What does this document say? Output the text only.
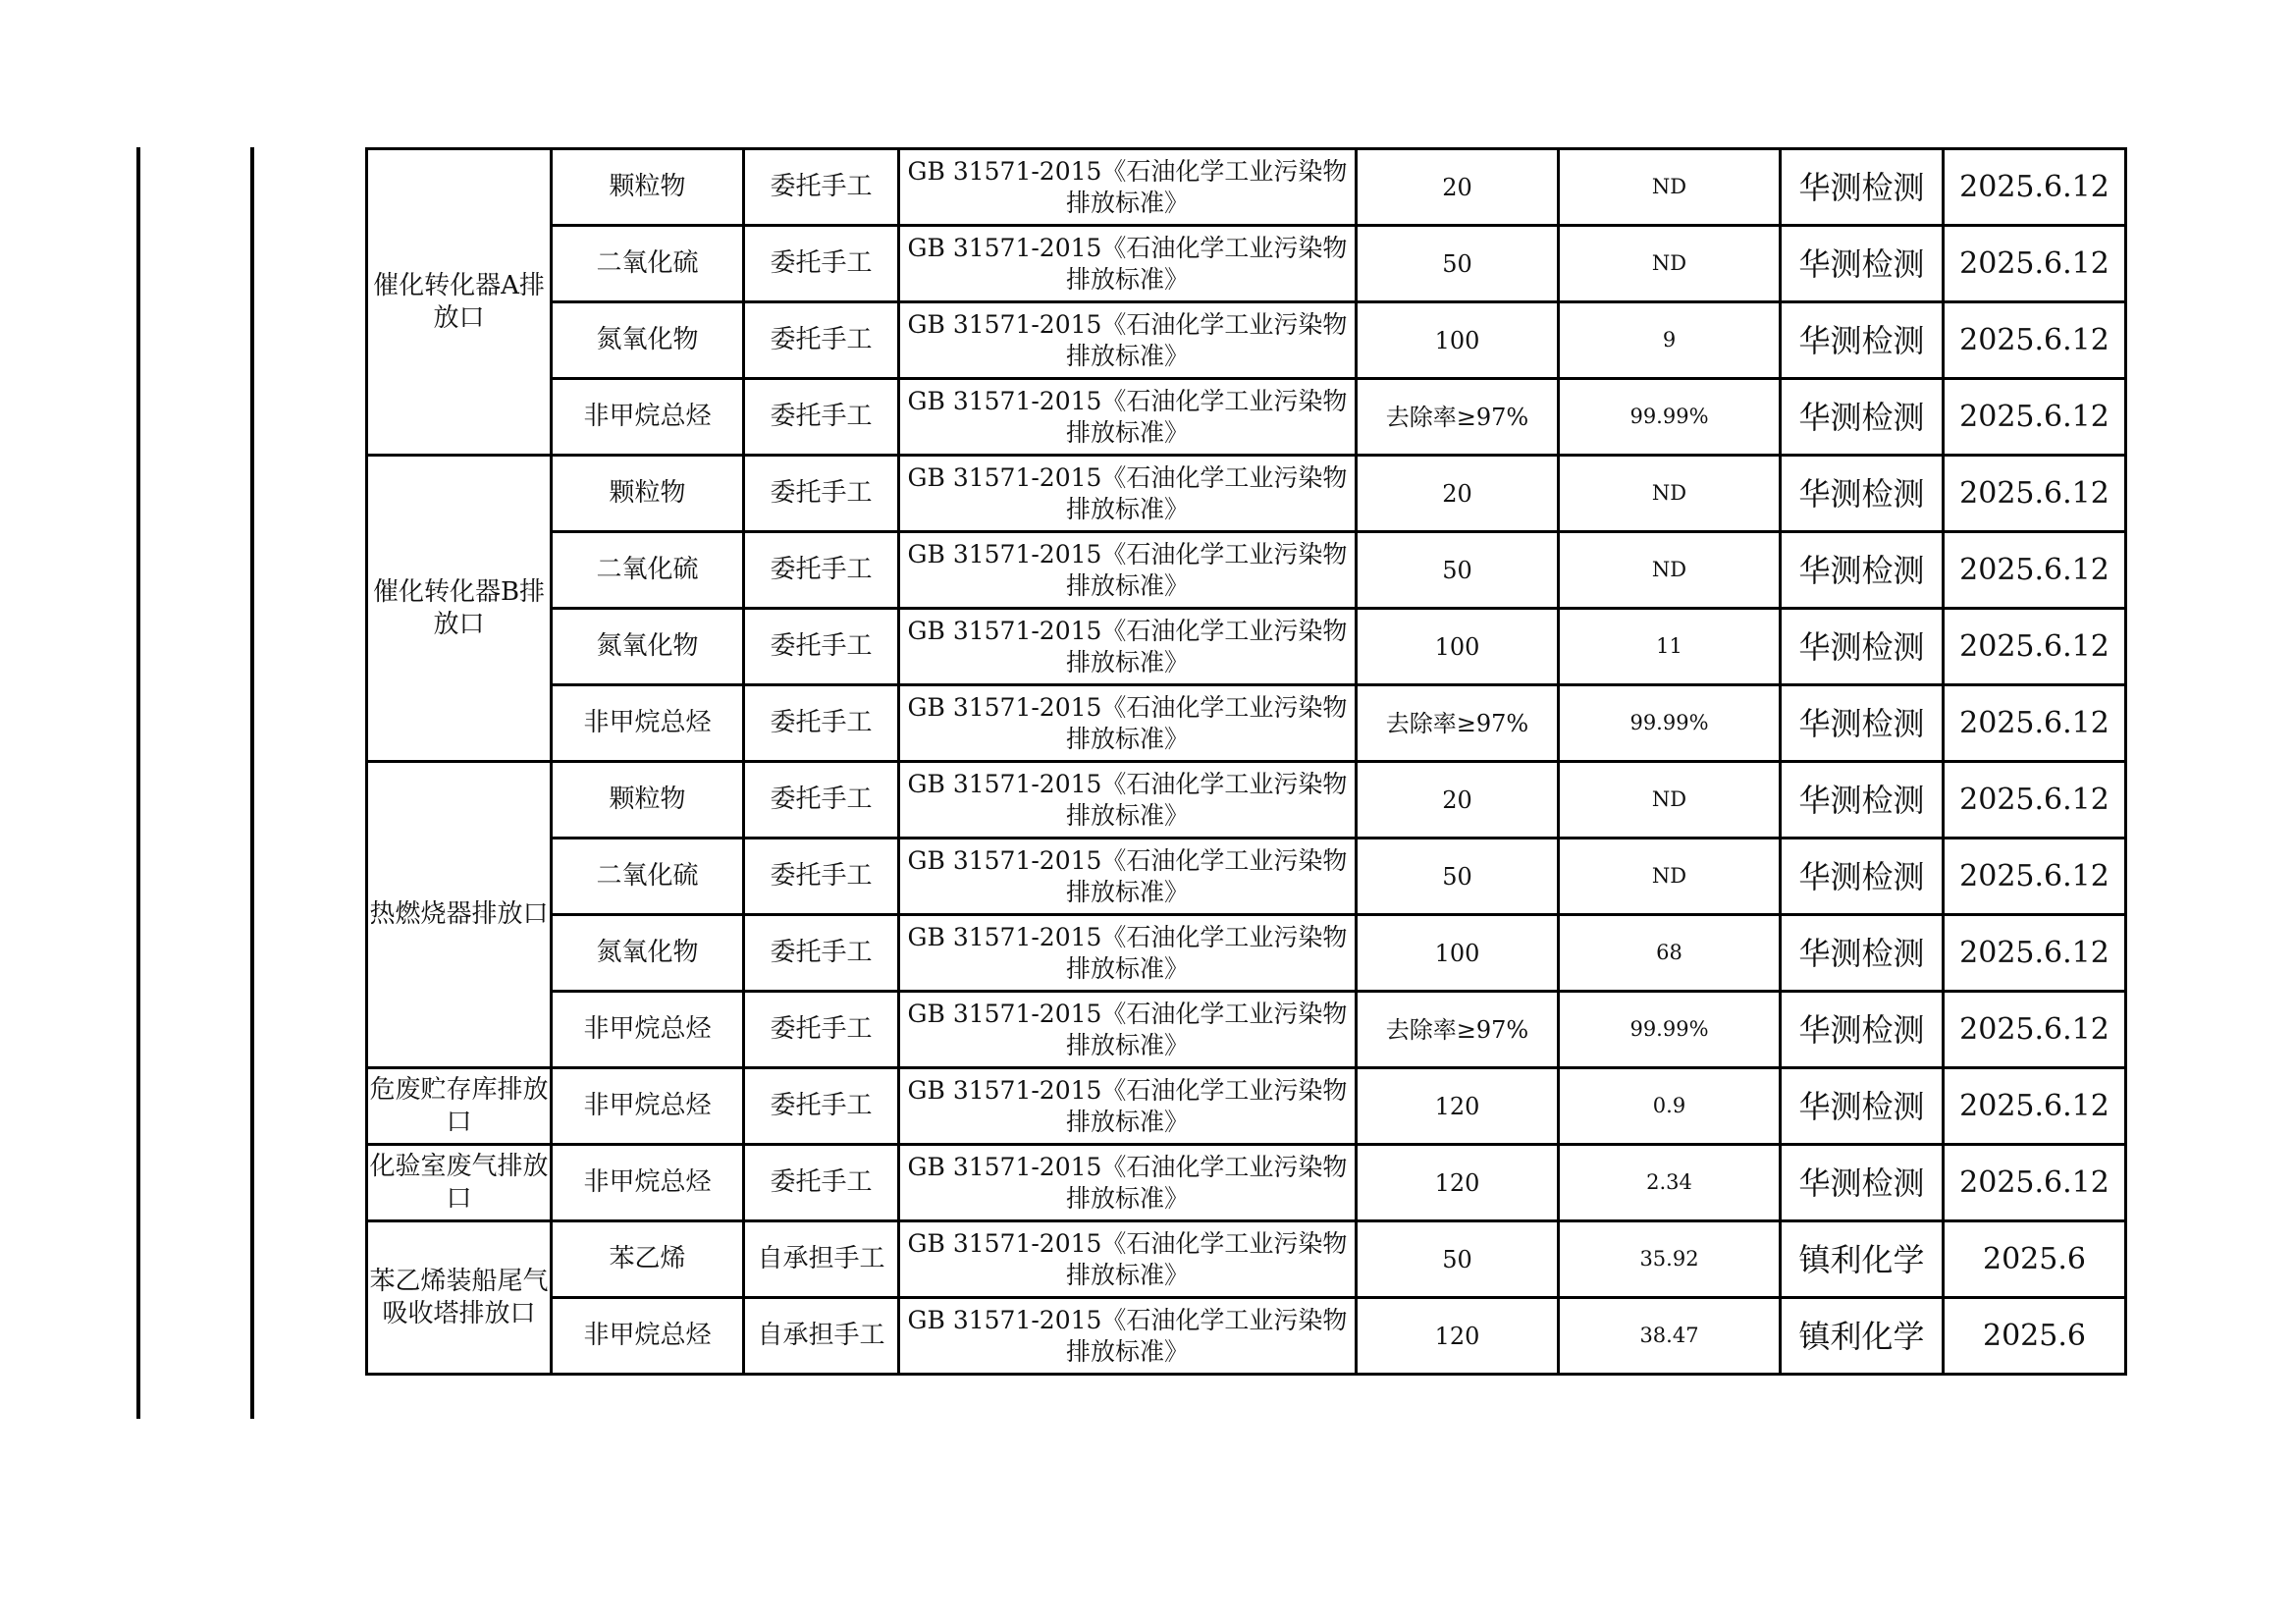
催化转化器A排放口	颗粒物	委托手工	GB 31571-2015《石油化学工业污染物排放标准》	20	ND	华测检测	2025.6.12
	二氧化硫	委托手工	GB 31571-2015《石油化学工业污染物排放标准》	50	ND	华测检测	2025.6.12
	氮氧化物	委托手工	GB 31571-2015《石油化学工业污染物排放标准》	100	9	华测检测	2025.6.12
	非甲烷总烃	委托手工	GB 31571-2015《石油化学工业污染物排放标准》	去除率≥97%	99.99%	华测检测	2025.6.12
催化转化器B排放口	颗粒物	委托手工	GB 31571-2015《石油化学工业污染物排放标准》	20	ND	华测检测	2025.6.12
	二氧化硫	委托手工	GB 31571-2015《石油化学工业污染物排放标准》	50	ND	华测检测	2025.6.12
	氮氧化物	委托手工	GB 31571-2015《石油化学工业污染物排放标准》	100	11	华测检测	2025.6.12
	非甲烷总烃	委托手工	GB 31571-2015《石油化学工业污染物排放标准》	去除率≥97%	99.99%	华测检测	2025.6.12
热燃烧器排放口	颗粒物	委托手工	GB 31571-2015《石油化学工业污染物排放标准》	20	ND	华测检测	2025.6.12
	二氧化硫	委托手工	GB 31571-2015《石油化学工业污染物排放标准》	50	ND	华测检测	2025.6.12
	氮氧化物	委托手工	GB 31571-2015《石油化学工业污染物排放标准》	100	68	华测检测	2025.6.12
	非甲烷总烃	委托手工	GB 31571-2015《石油化学工业污染物排放标准》	去除率≥97%	99.99%	华测检测	2025.6.12
危废贮存库排放口	非甲烷总烃	委托手工	GB 31571-2015《石油化学工业污染物排放标准》	120	0.9	华测检测	2025.6.12
化验室废气排放口	非甲烷总烃	委托手工	GB 31571-2015《石油化学工业污染物排放标准》	120	2.34	华测检测	2025.6.12
苯乙烯装船尾气吸收塔排放口	苯乙烯	自承担手工	GB 31571-2015《石油化学工业污染物排放标准》	50	35.92	镇利化学	2025.6
	非甲烷总烃	自承担手工	GB 31571-2015《石油化学工业污染物排放标准》	120	38.47	镇利化学	2025.6
